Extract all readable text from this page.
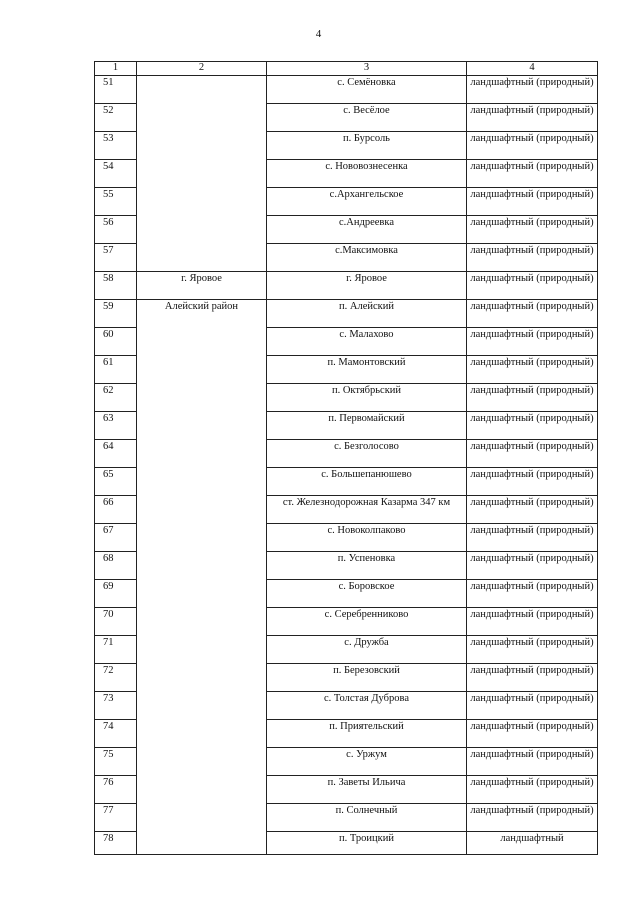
4
1	2	3	4
51		с. Семёновка	ландшафтный (природный)
52		с. Весёлое	ландшафтный (природный)
53		п. Бурсоль	ландшафтный (природный)
54		с. Нововознесенка	ландшафтный (природный)
55		с.Архангельское	ландшафтный (природный)
56		с.Андреевка	ландшафтный (природный)
57		с.Максимовка	ландшафтный (природный)
58	г. Яровое	г. Яровое	ландшафтный (природный)
59	Алейский район	п. Алейский	ландшафтный (природный)
60		с. Малахово	ландшафтный (природный)
61		п. Мамонтовский	ландшафтный (природный)
62		п. Октябрьский	ландшафтный (природный)
63		п. Первомайский	ландшафтный (природный)
64		с. Безголосово	ландшафтный (природный)
65		с. Большепанюшево	ландшафтный (природный)
66		ст. Железнодорожная Казарма 347 км	ландшафтный (природный)
67		с. Новоколпаково	ландшафтный (природный)
68		п. Успеновка	ландшафтный (природный)
69		с. Боровское	ландшафтный (природный)
70		с. Серебренниково	ландшафтный (природный)
71		с. Дружба	ландшафтный (природный)
72		п. Березовский	ландшафтный (природный)
73		с. Толстая Дуброва	ландшафтный (природный)
74		п. Приятельский	ландшафтный (природный)
75		с. Уржум	ландшафтный (природный)
76		п. Заветы Ильича	ландшафтный (природный)
77		п. Солнечный	ландшафтный (природный)
78		п. Троицкий	ландшафтный
